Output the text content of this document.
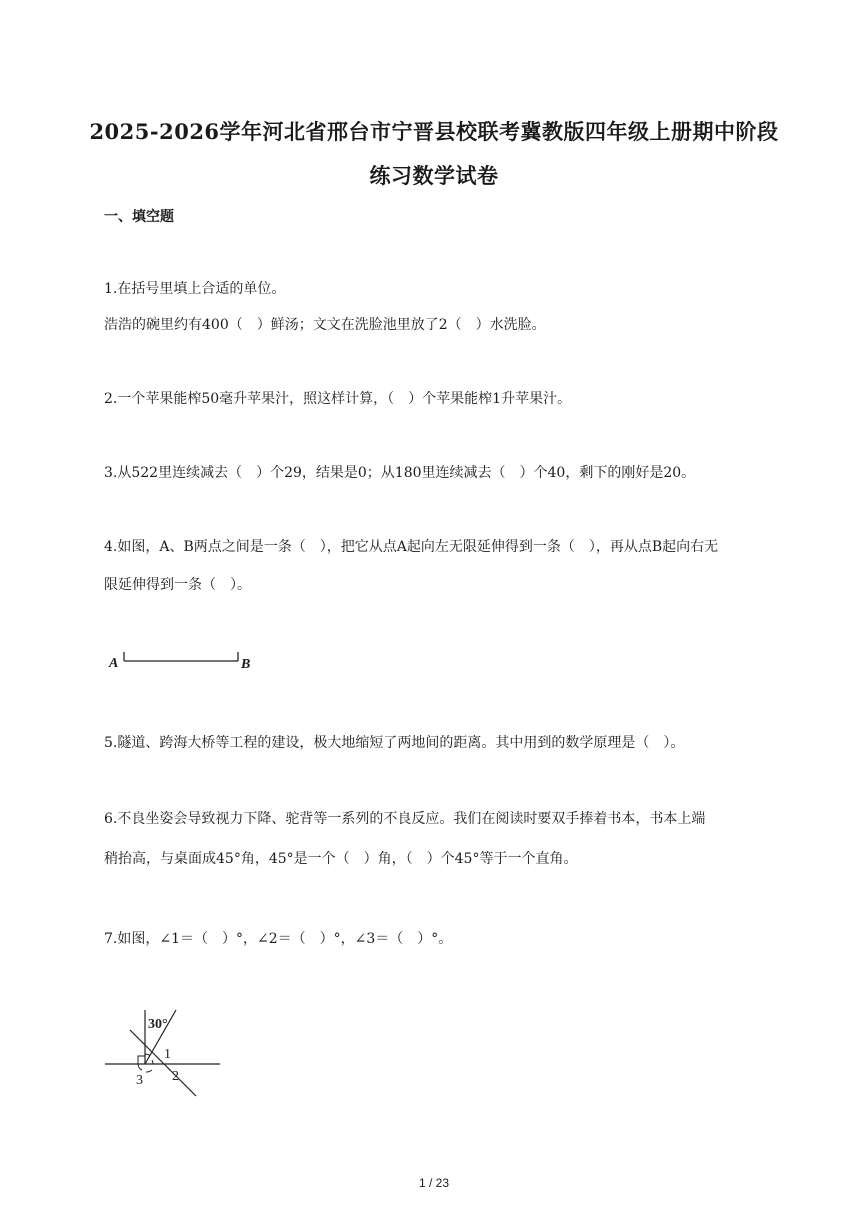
2025-2026学年河北省邢台市宁晋县校联考冀教版四年级上册期中阶段
练习数学试卷
一、填空题
1.在括号里填上合适的单位。
浩浩的碗里约有400（　）鲜汤；文文在洗脸池里放了2（　）水洗脸。
2.一个苹果能榨50毫升苹果汁，照这样计算，（　）个苹果能榨1升苹果汁。
3.从522里连续减去（　）个29，结果是0；从180里连续减去（　）个40，剩下的刚好是20。
4.如图，A、B两点之间是一条（　），把它从点A起向左无限延伸得到一条（　），再从点B起向右无
限延伸得到一条（　）。
A	B
5.隧道、跨海大桥等工程的建设，极大地缩短了两地间的距离。其中用到的数学原理是（　）。
6.不良坐姿会导致视力下降、驼背等一系列的不良反应。我们在阅读时要双手捧着书本，书本上端
稍抬高，与桌面成45°角，45°是一个（　）角，（　）个45°等于一个直角。
7.如图，∠1＝（　）°，∠2＝（　）°，∠3＝（　）°。
30°
1
2
3
1 / 23
